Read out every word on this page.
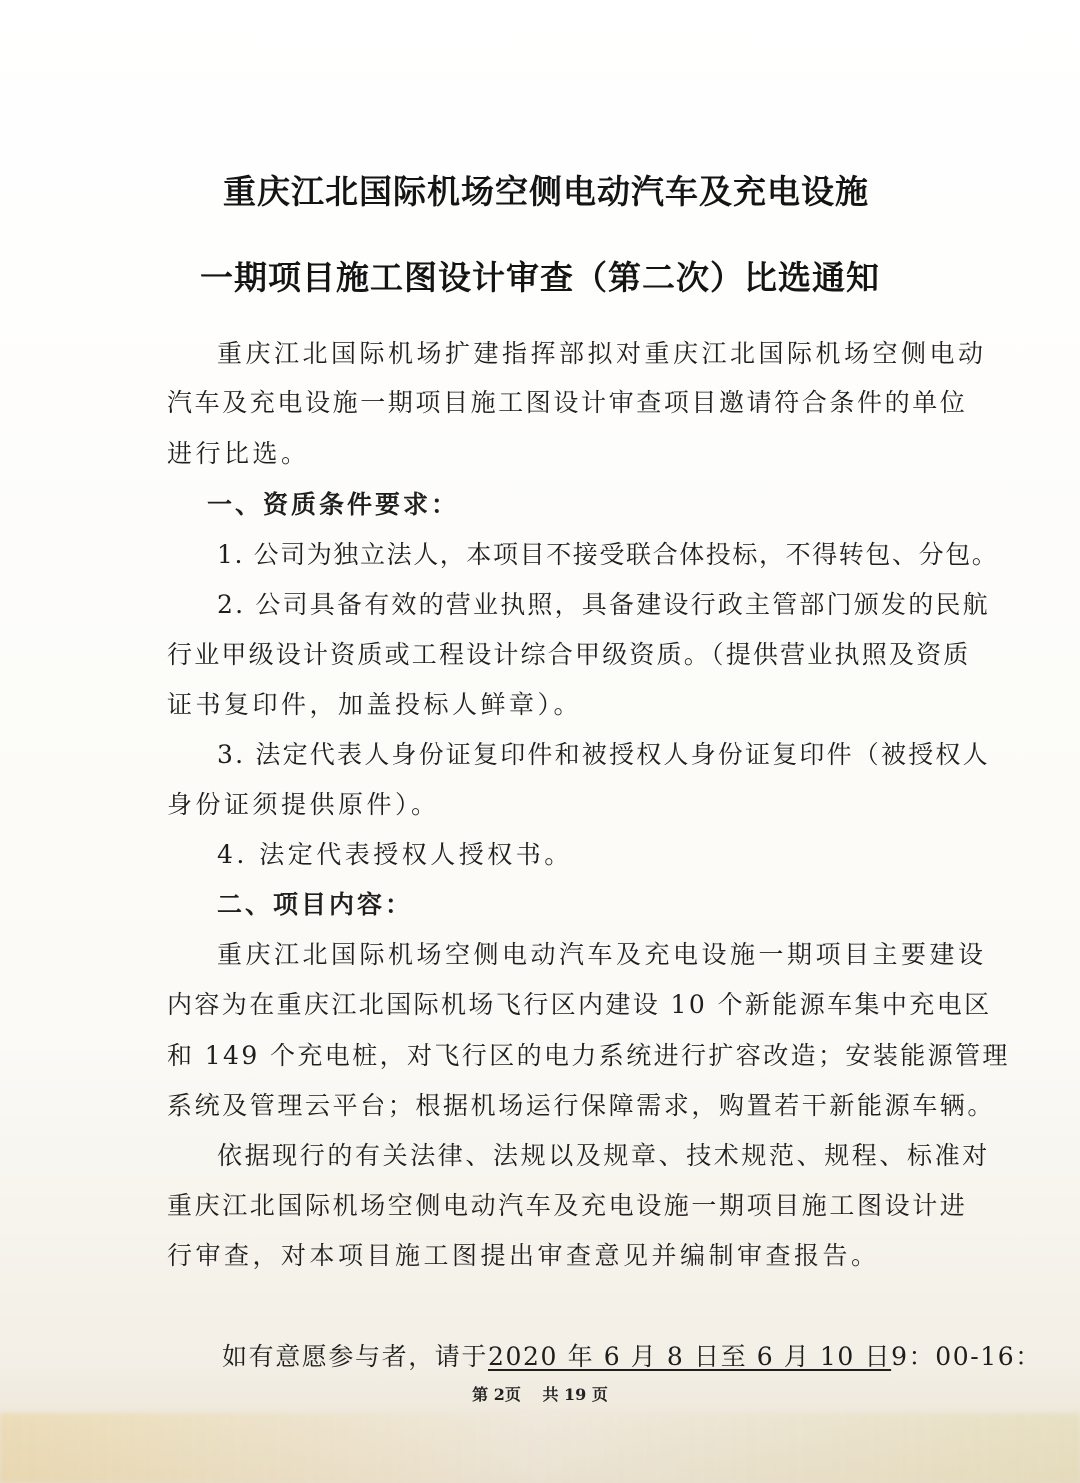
重庆江北国际机场空侧电动汽车及充电设施
一期项目施工图设计审查（第二次）比选通知
重庆江北国际机场扩建指挥部拟对重庆江北国际机场空侧电动
汽车及充电设施一期项目施工图设计审查项目邀请符合条件的单位
进行比选。
一、资质条件要求：
1. 公司为独立法人，本项目不接受联合体投标，不得转包、分包。
2. 公司具备有效的营业执照，具备建设行政主管部门颁发的民航
行业甲级设计资质或工程设计综合甲级资质。（提供营业执照及资质
证书复印件，加盖投标人鲜章）。
3. 法定代表人身份证复印件和被授权人身份证复印件（被授权人
身份证须提供原件）。
4. 法定代表授权人授权书。
二、项目内容：
重庆江北国际机场空侧电动汽车及充电设施一期项目主要建设
内容为在重庆江北国际机场飞行区内建设 10 个新能源车集中充电区
和 149 个充电桩，对飞行区的电力系统进行扩容改造；安装能源管理
系统及管理云平台；根据机场运行保障需求，购置若干新能源车辆。
依据现行的有关法律、法规以及规章、技术规范、规程、标准对
重庆江北国际机场空侧电动汽车及充电设施一期项目施工图设计进
行审查，对本项目施工图提出审查意见并编制审查报告。
如有意愿参与者，请于2020 年 6 月 8 日至 6 月 10 日9：00-16：
第 2页 共 19 页
